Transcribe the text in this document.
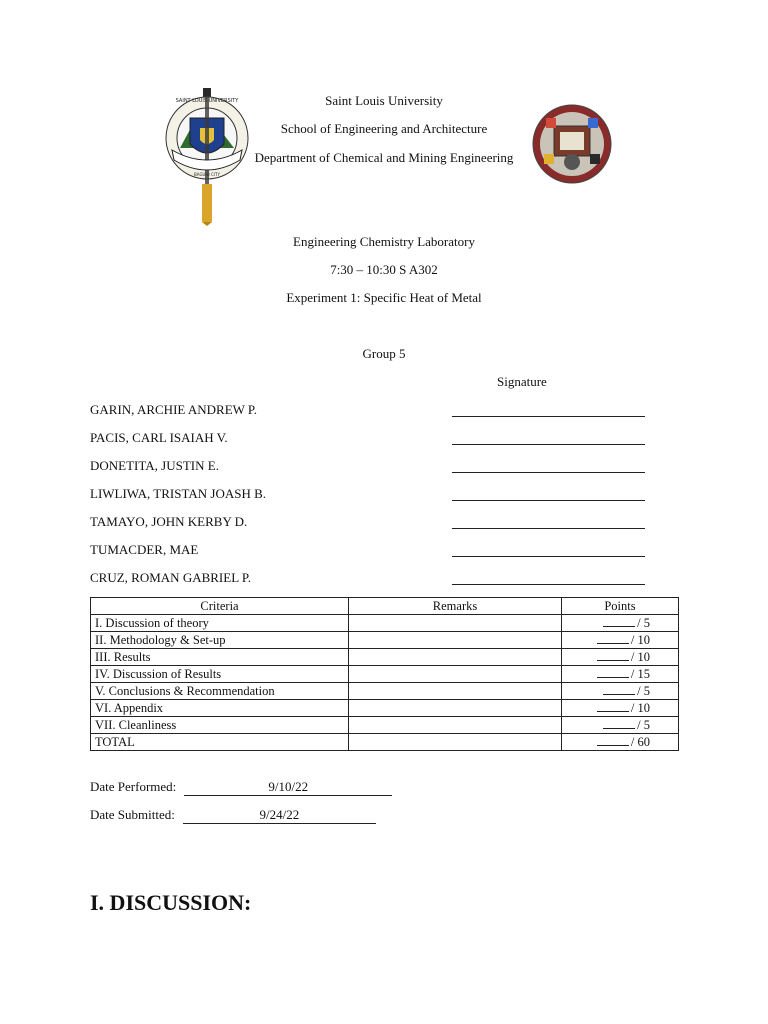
SAINT LOUIS UNIVERSITY
BAGUIO CITY
Saint Louis University
School of Engineering and Architecture
Department of Chemical and Mining Engineering
Engineering Chemistry Laboratory
7:30 – 10:30 S A302
Experiment 1: Specific Heat of Metal
Group 5
Signature
GARIN, ARCHIE ANDREW P.
PACIS, CARL ISAIAH V.
DONETITA, JUSTIN E.
LIWLIWA, TRISTAN JOASH B.
TAMAYO, JOHN KERBY D.
TUMACDER, MAE
CRUZ, ROMAN GABRIEL P.
Criteria	Remarks	Points
I. Discussion of theory		/ 5
II. Methodology & Set-up		/ 10
III. Results		/ 10
IV. Discussion of Results		/ 15
V. Conclusions & Recommendation		/ 5
VI. Appendix		/ 10
VII. Cleanliness		/ 5
TOTAL		/ 60
Date Performed:	9/10/22
Date Submitted:	9/24/22
I. DISCUSSION:
